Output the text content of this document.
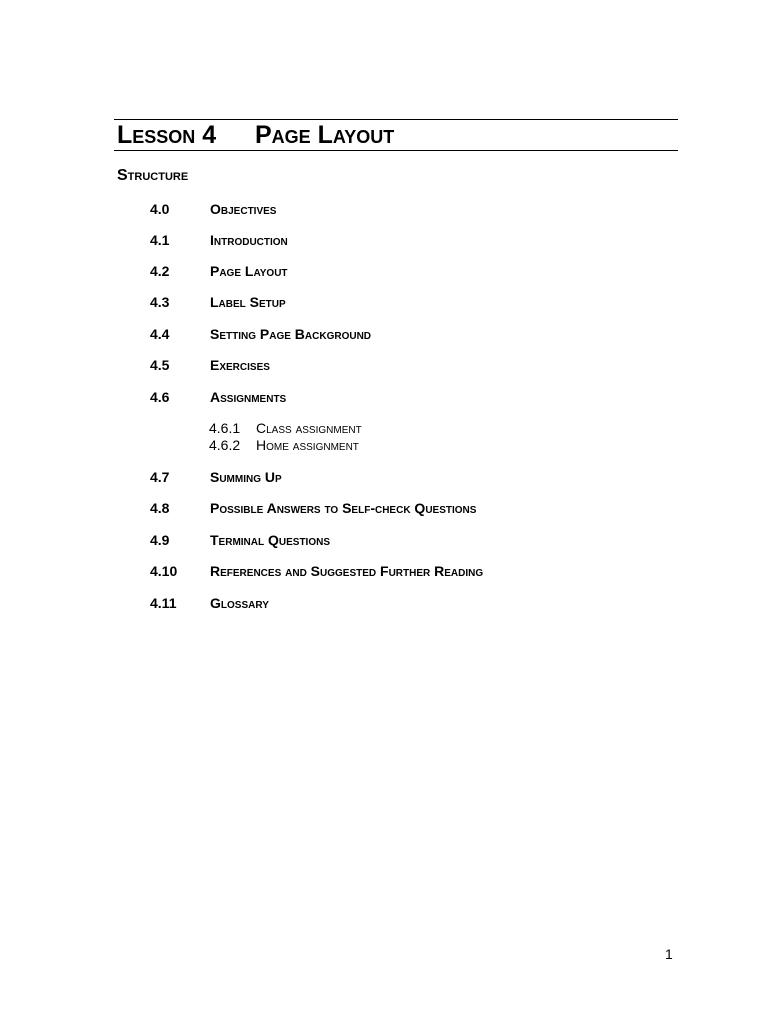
Lesson 4 Page Layout
Structure
4.0	Objectives
4.1	Introduction
4.2	Page Layout
4.3	Label Setup
4.4	Setting Page Background
4.5	Exercises
4.6	Assignments
4.6.1 Class assignment
4.6.2 Home assignment
4.7	Summing Up
4.8	Possible Answers to Self-check Questions
4.9	Terminal Questions
4.10 References and Suggested Further Reading
4.11 Glossary
1
